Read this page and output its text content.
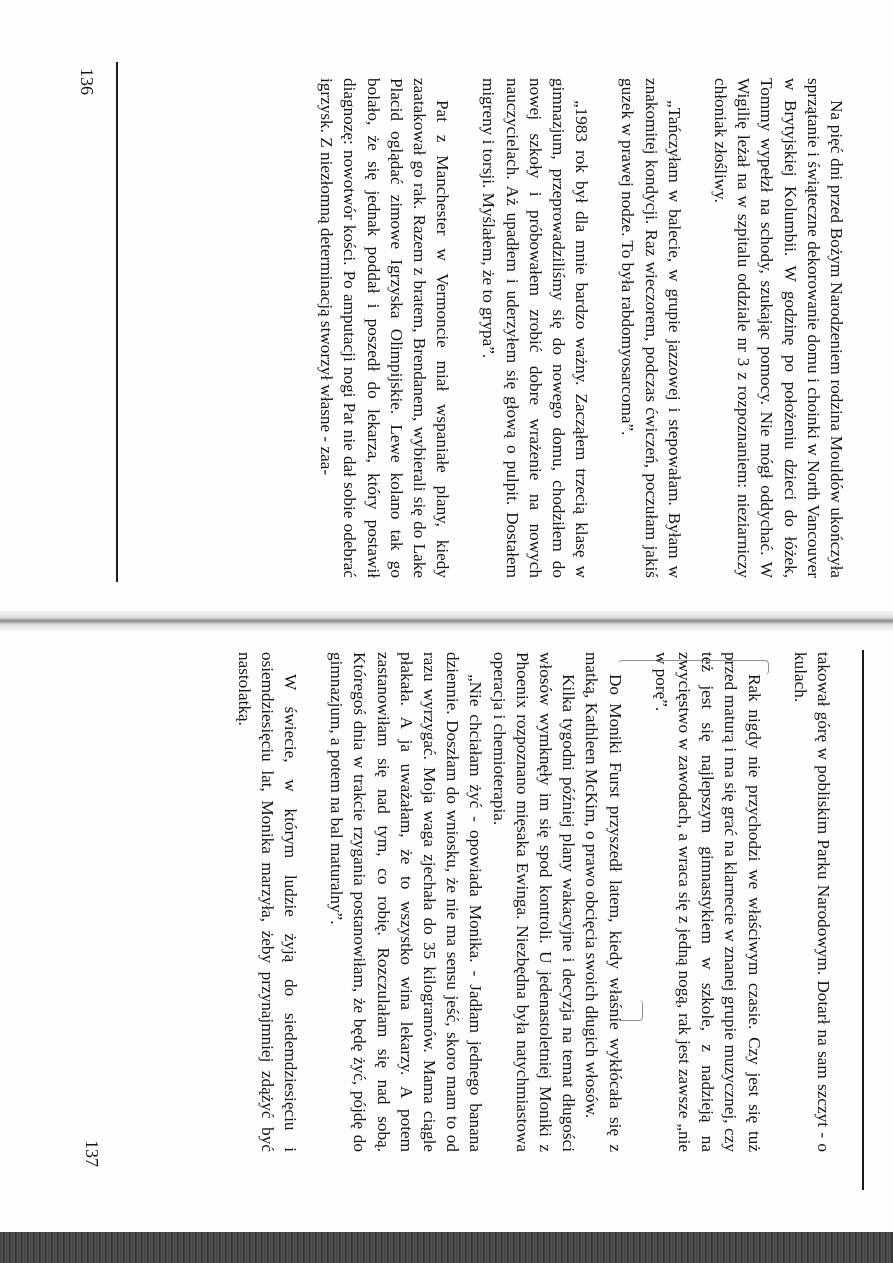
136

Na pięć dni przed Bożym Narodzeniem rodzina Mouldów ukończyła sprzątanie i świąteczne dekorowanie domu i choinki w North Vancouver w Brytyjskiej Kolumbii. W godzinę po położeniu dzieci do łóżek, Tommy wypełzł na schody, szukając pomocy. Nie mógł oddychać. W Wigilię leżał na w szpitalu oddziale nr 3 z rozpoznaniem: nieziarniczy chłoniak złośliwy.

„Tańczyłam w balecie, w grupie jazzowej i stepowałam. Byłam w znakomitej kondycji. Raz wieczorem, podczas ćwiczeń, poczułam jakiś guzek w prawej nodze. To była rabdomyosarcoma”.

„1983 rok był dla mnie bardzo ważny. Zacząłem trzecią klasę w gimnazjum, przeprowadziliśmy się do nowego domu, chodziłem do nowej szkoły i próbowałem zrobić dobre wrażenie na nowych nauczycielach. Aż upadłem i uderzyłem się głową o pulpit. Dostałem migreny i torsji. Myślałem, że to grypa”.

Pat z Manchester w Vermoncie miał wspaniałe plany, kiedy zaatakował go rak. Razem z bratem, Brendanem, wybierali się do Lake Placid oglądać zimowe Igrzyska Olimpijskie. Lewe kolano tak go bolało, że się jednak poddał i poszedł do lekarza, który postawił diagnozę: nowotwór kości. Po amputacji nogi Pat nie dał sobie odebrać igrzysk. Z niezłomną determinacją stworzył własne - zaa-

takował górę w pobliskim Parku Narodowym. Dotarł na sam szczyt - o kulach.

Rak nigdy nie przychodzi we właściwym czasie. Czy jest się tuż przed maturą i ma się grać na klarnecie w znanej grupie muzycznej, czy też jest się najlepszym gimnastykiem w szkole, z nadzieją na zwycięstwo w zawodach, a wraca się z jedną nogą, rak jest zawsze „nie w porę”.

Do Moniki Furst przyszedł latem, kiedy właśnie wykłócała się z matką, Kathleen McKim, o prawo obcięcia swoich długich włosów.

Kilka tygodni później plany wakacyjne i decyzja na temat długości włosów wymknęły im się spod kontroli. U jedenastoletniej Moniki z Phoenix rozpoznano mięsaka Ewinga. Niezbędna była natychmiastowa operacja i chemioterapia.

„Nie chciałam żyć - opowiada Monika. - Jadłam jednego banana dziennie. Doszłam do wniosku, że nie ma sensu jeść, skoro mam to od razu wyrzygać. Moja waga zjechała do 35 kilogramów. Mama ciągle płakała. A ja uważałam, że to wszystko wina lekarzy. A potem zastanowiłam się nad tym, co robię. Rozczulałam się nad sobą. Któregoś dnia w trakcie rzygania postanowiłam, że będę żyć, pójdę do gimnazjum, a potem na bal maturalny”.

W świecie, w którym ludzie żyją do siedemdziesięciu i osiemdziesięciu lat, Monika marzyła, żeby przynajmniej zdążyć być nastolatką.

137
